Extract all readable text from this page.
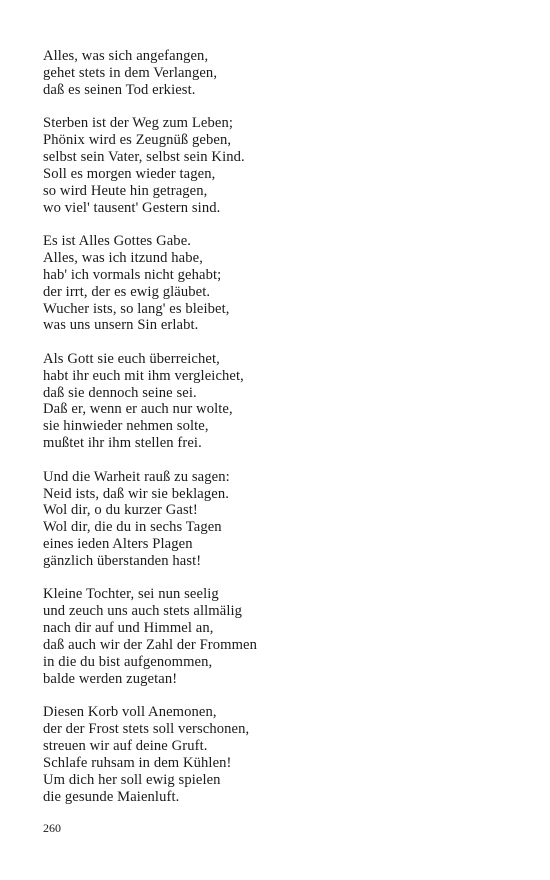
Alles, was sich angefangen,
gehet stets in dem Verlangen,
daß es seinen Tod erkiest.
Sterben ist der Weg zum Leben;
Phönix wird es Zeugnüß geben,
selbst sein Vater, selbst sein Kind.
Soll es morgen wieder tagen,
so wird Heute hin getragen,
wo viel' tausent' Gestern sind.
Es ist Alles Gottes Gabe.
Alles, was ich itzund habe,
hab' ich vormals nicht gehabt;
der irrt, der es ewig gläubet.
Wucher ists, so lang' es bleibet,
was uns unsern Sin erlabt.
Als Gott sie euch überreichet,
habt ihr euch mit ihm vergleichet,
daß sie dennoch seine sei.
Daß er, wenn er auch nur wolte,
sie hinwieder nehmen solte,
mußtet ihr ihm stellen frei.
Und die Warheit rauß zu sagen:
Neid ists, daß wir sie beklagen.
Wol dir, o du kurzer Gast!
Wol dir, die du in sechs Tagen
eines ieden Alters Plagen
gänzlich überstanden hast!
Kleine Tochter, sei nun seelig
und zeuch uns auch stets allmälig
nach dir auf und Himmel an,
daß auch wir der Zahl der Frommen
in die du bist aufgenommen,
balde werden zugetan!
Diesen Korb voll Anemonen,
der der Frost stets soll verschonen,
streuen wir auf deine Gruft.
Schlafe ruhsam in dem Kühlen!
Um dich her soll ewig spielen
die gesunde Maienluft.
260
